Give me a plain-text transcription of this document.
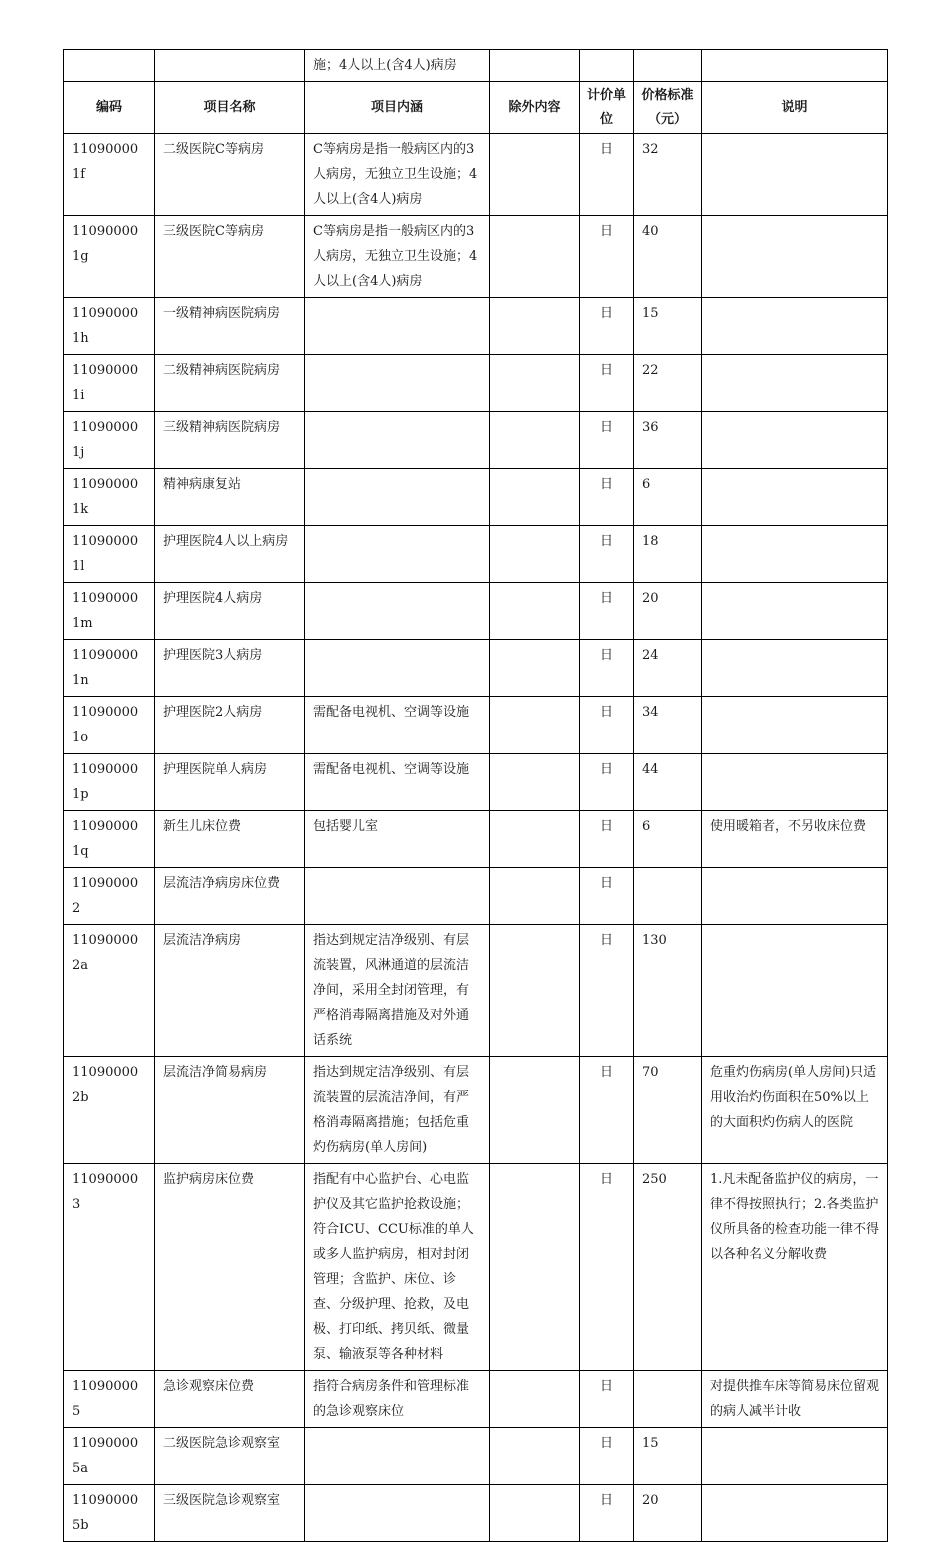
		施；4人以上(含4人)病房				
编码	项目名称	项目内涵	除外内容	计价单位	价格标准（元）	说明
110900001f	二级医院C等病房	C等病房是指一般病区内的3人病房，无独立卫生设施；4人以上(含4人)病房		日	32	
110900001g	三级医院C等病房	C等病房是指一般病区内的3人病房，无独立卫生设施；4人以上(含4人)病房		日	40	
110900001h	一级精神病医院病房			日	15	
110900001i	二级精神病医院病房			日	22	
110900001j	三级精神病医院病房			日	36	
110900001k	精神病康复站			日	6	
110900001l	护理医院4人以上病房			日	18	
110900001m	护理医院4人病房			日	20	
110900001n	护理医院3人病房			日	24	
110900001o	护理医院2人病房	需配备电视机、空调等设施		日	34	
110900001p	护理医院单人病房	需配备电视机、空调等设施		日	44	
110900001q	新生儿床位费	包括婴儿室		日	6	使用暖箱者，不另收床位费
110900002	层流洁净病房床位费			日		
110900002a	层流洁净病房	指达到规定洁净级别、有层流装置，风淋通道的层流洁净间，采用全封闭管理，有严格消毒隔离措施及对外通话系统		日	130	
110900002b	层流洁净简易病房	指达到规定洁净级别、有层流装置的层流洁净间，有严格消毒隔离措施；包括危重灼伤病房(单人房间)		日	70	危重灼伤病房(单人房间)只适用收治灼伤面积在50%以上的大面积灼伤病人的医院
110900003	监护病房床位费	指配有中心监护台、心电监护仪及其它监护抢救设施；符合ICU、CCU标准的单人或多人监护病房，相对封闭管理；含监护、床位、诊查、分级护理、抢救，及电极、打印纸、拷贝纸、微量泵、输液泵等各种材料		日	250	1.凡未配备监护仪的病房，一律不得按照执行；2.各类监护仪所具备的检查功能一律不得以各种名义分解收费
110900005	急诊观察床位费	指符合病房条件和管理标准的急诊观察床位		日		对提供推车床等简易床位留观的病人减半计收
110900005a	二级医院急诊观察室			日	15	
110900005b	三级医院急诊观察室			日	20	
